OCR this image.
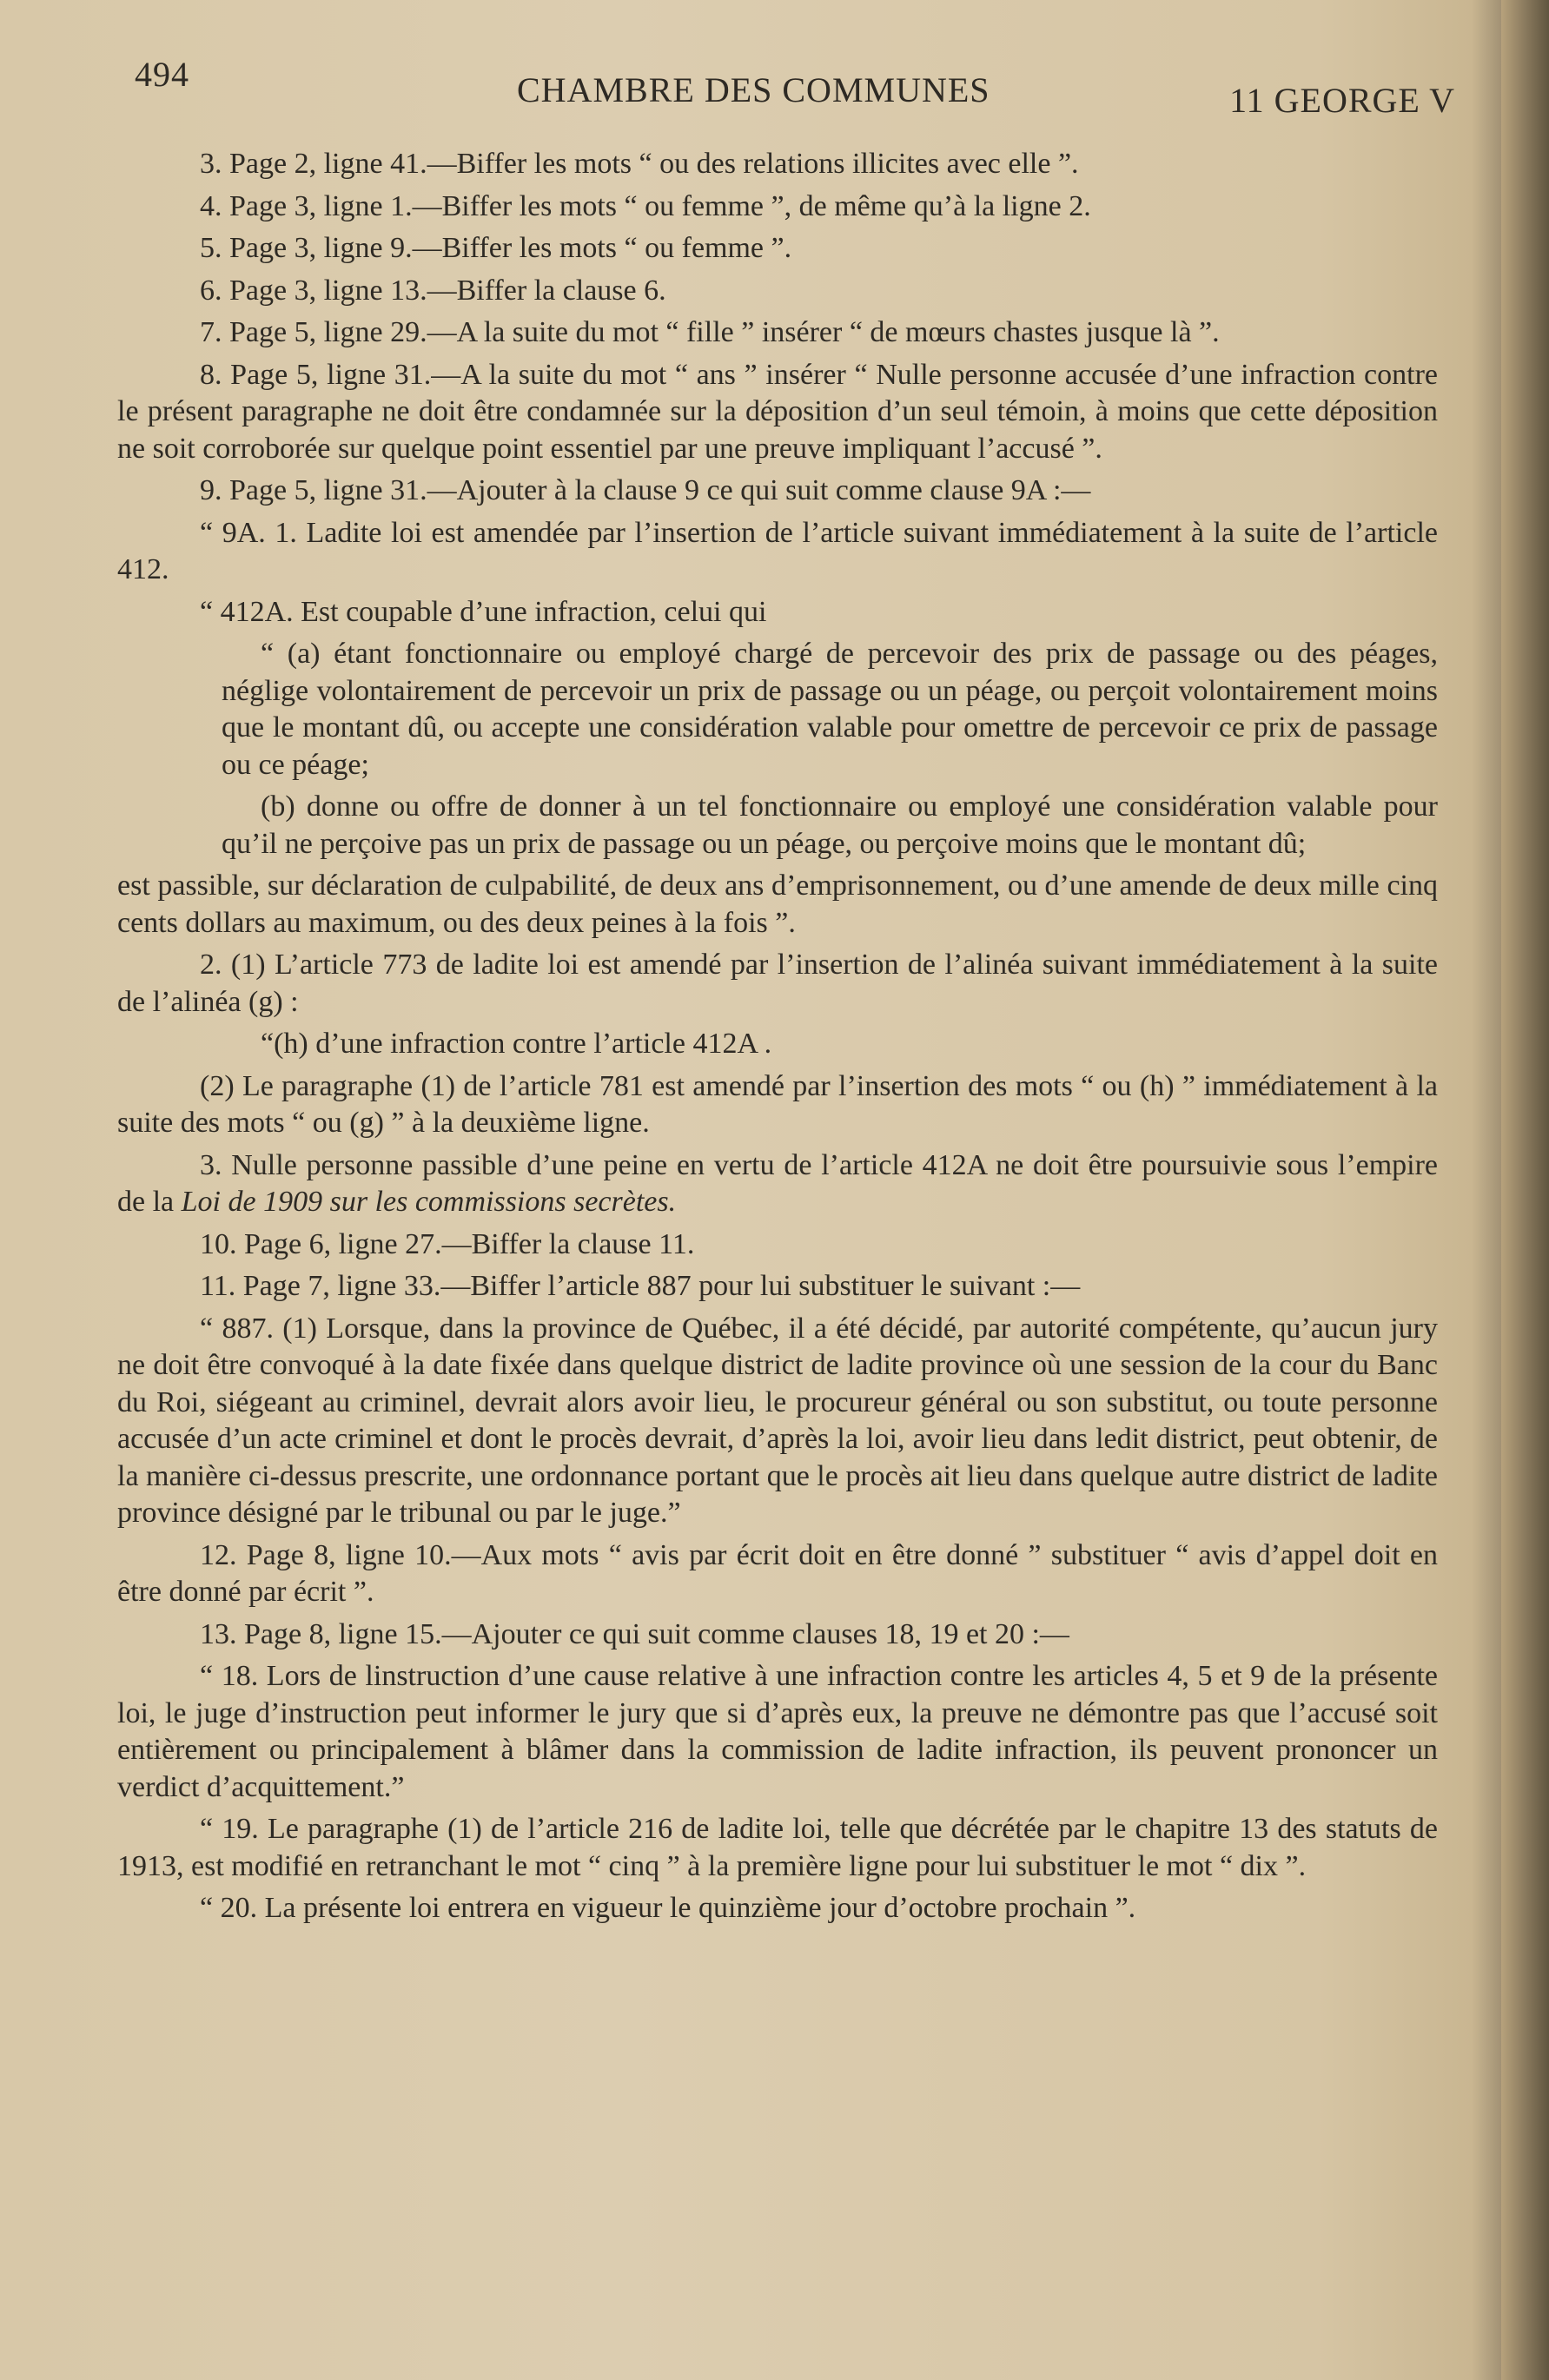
494	CHAMBRE DES COMMUNES	11 GEORGE V

3. Page 2, ligne 41.—Biffer les mots “ ou des relations illicites avec elle ”.

4. Page 3, ligne 1.—Biffer les mots “ ou femme ”, de même qu’à la ligne 2.

5. Page 3, ligne 9.—Biffer les mots “ ou femme ”.

6. Page 3, ligne 13.—Biffer la clause 6.

7. Page 5, ligne 29.—A la suite du mot “ fille ” insérer “ de mœurs chastes jusque là ”.

8. Page 5, ligne 31.—A la suite du mot “ ans ” insérer “ Nulle personne accusée d’une infraction contre le présent paragraphe ne doit être condamnée sur la déposition d’un seul témoin, à moins que cette déposition ne soit corroborée sur quelque point essentiel par une preuve impliquant l’accusé ”.

9. Page 5, ligne 31.—Ajouter à la clause 9 ce qui suit comme clause 9A :—

“ 9A. 1. Ladite loi est amendée par l’insertion de l’article suivant immédiatement à la suite de l’article 412.

“ 412A. Est coupable d’une infraction, celui qui

“ (a) étant fonctionnaire ou employé chargé de percevoir des prix de passage ou des péages, néglige volontairement de percevoir un prix de passage ou un péage, ou perçoit volontairement moins que le montant dû, ou accepte une considération valable pour omettre de percevoir ce prix de passage ou ce péage;

(b) donne ou offre de donner à un tel fonctionnaire ou employé une considération valable pour qu’il ne perçoive pas un prix de passage ou un péage, ou perçoive moins que le montant dû;

est passible, sur déclaration de culpabilité, de deux ans d’emprisonnement, ou d’une amende de deux mille cinq cents dollars au maximum, ou des deux peines à la fois ”.

2. (1) L’article 773 de ladite loi est amendé par l’insertion de l’alinéa suivant immédiatement à la suite de l’alinéa (g) :

“(h) d’une infraction contre l’article 412A .

(2) Le paragraphe (1) de l’article 781 est amendé par l’insertion des mots “ ou (h) ” immédiatement à la suite des mots “ ou (g) ” à la deuxième ligne.

3. Nulle personne passible d’une peine en vertu de l’article 412A ne doit être poursuivie sous l’empire de la Loi de 1909 sur les commissions secrètes.

10. Page 6, ligne 27.—Biffer la clause 11.

11. Page 7, ligne 33.—Biffer l’article 887 pour lui substituer le suivant :—

“ 887. (1) Lorsque, dans la province de Québec, il a été décidé, par autorité compétente, qu’aucun jury ne doit être convoqué à la date fixée dans quelque district de ladite province où une session de la cour du Banc du Roi, siégeant au criminel, devrait alors avoir lieu, le procureur général ou son substitut, ou toute personne accusée d’un acte criminel et dont le procès devrait, d’après la loi, avoir lieu dans ledit district, peut obtenir, de la manière ci-dessus prescrite, une ordonnance portant que le procès ait lieu dans quelque autre district de ladite province désigné par le tribunal ou par le juge.”

12. Page 8, ligne 10.—Aux mots “ avis par écrit doit en être donné ” substituer “ avis d’appel doit en être donné par écrit ”.

13. Page 8, ligne 15.—Ajouter ce qui suit comme clauses 18, 19 et 20 :—

“ 18. Lors de linstruction d’une cause relative à une infraction contre les articles 4, 5 et 9 de la présente loi, le juge d’instruction peut informer le jury que si d’après eux, la preuve ne démontre pas que l’accusé soit entièrement ou principalement à blâmer dans la commission de ladite infraction, ils peuvent prononcer un verdict d’acquittement.”

“ 19. Le paragraphe (1) de l’article 216 de ladite loi, telle que décrétée par le chapitre 13 des statuts de 1913, est modifié en retranchant le mot “ cinq ” à la première ligne pour lui substituer le mot “ dix ”.

“ 20. La présente loi entrera en vigueur le quinzième jour d’octobre prochain ”.
